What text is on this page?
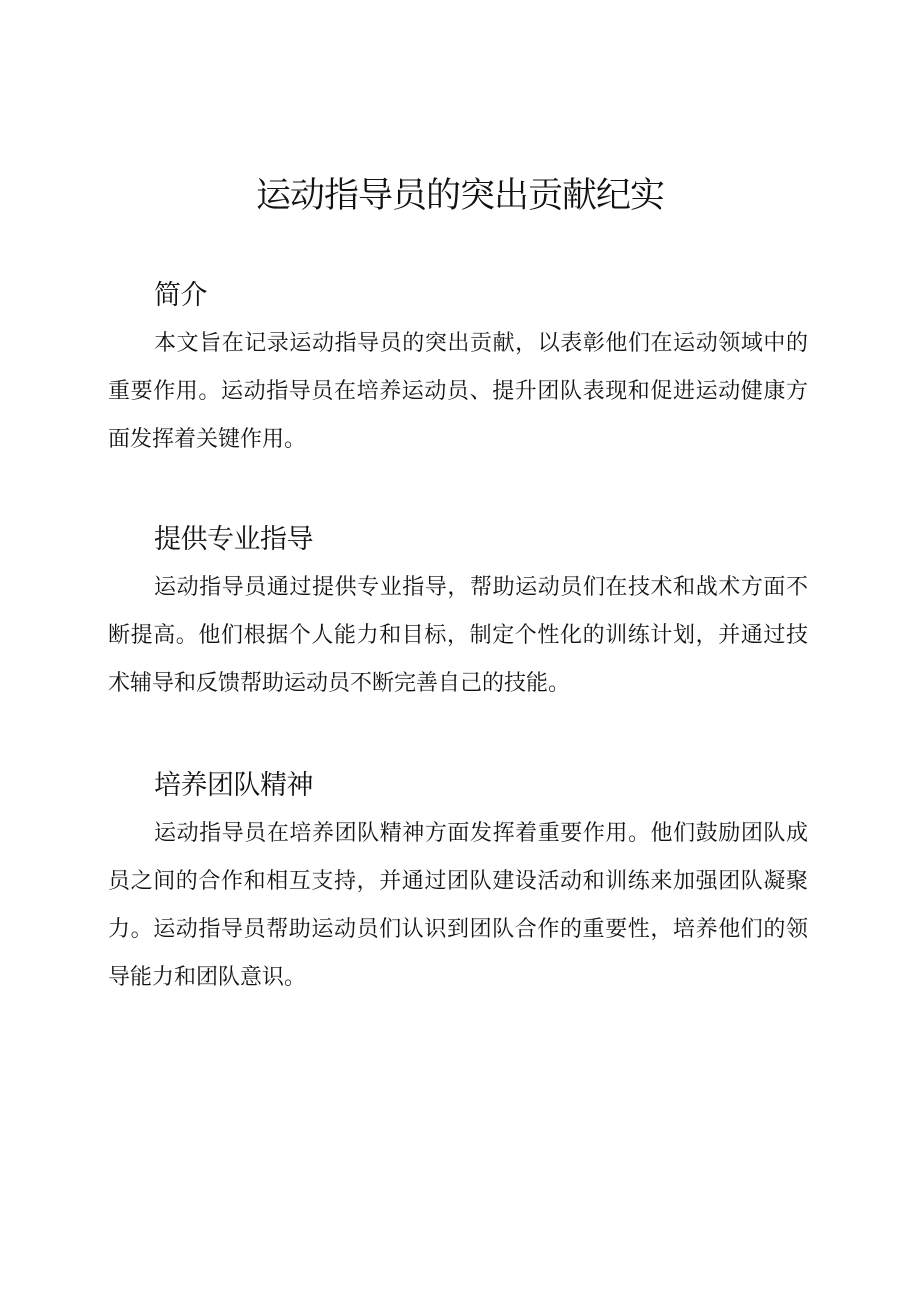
运动指导员的突出贡献纪实
简介

本文旨在记录运动指导员的突出贡献，以表彰他们在运动领域中的重要作用。运动指导员在培养运动员、提升团队表现和促进运动健康方面发挥着关键作用。

提供专业指导

运动指导员通过提供专业指导，帮助运动员们在技术和战术方面不断提高。他们根据个人能力和目标，制定个性化的训练计划，并通过技术辅导和反馈帮助运动员不断完善自己的技能。

培养团队精神

运动指导员在培养团队精神方面发挥着重要作用。他们鼓励团队成员之间的合作和相互支持，并通过团队建设活动和训练来加强团队凝聚力。运动指导员帮助运动员们认识到团队合作的重要性，培养他们的领导能力和团队意识。
